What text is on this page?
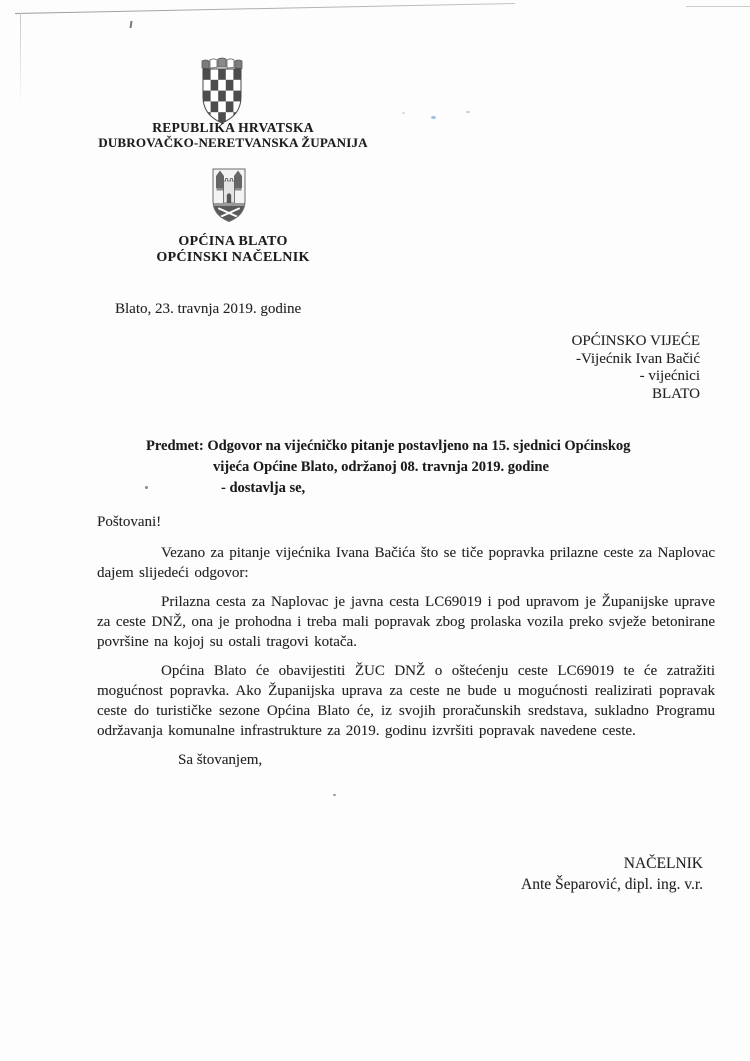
REPUBLIKA HRVATSKA
DUBROVAČKO-NERETVANSKA ŽUPANIJA
OPĆINA BLATO
OPĆINSKI NAČELNIK
Blato, 23. travnja 2019. godine
OPĆINSKO VIJEĆE
-Vijećnik Ivan Bačić
- vijećnici
BLATO
Predmet: Odgovor na vijećničko pitanje postavljeno na 15. sjednici Općinskog
vijeća Općine Blato, održanoj 08. travnja 2019. godine
- dostavlja se,

Poštovani!

Vezano za pitanje vijećnika Ivana Bačića što se tiče popravka prilazne ceste za Naplovac dajem slijedeći odgovor:

Prilazna cesta za Naplovac je javna cesta LC69019 i pod upravom je Županijske uprave za ceste DNŽ, ona je prohodna i treba mali popravak zbog prolaska vozila preko svježe betonirane površine na kojoj su ostali tragovi kotača.

Općina Blato će obavijestiti ŽUC DNŽ o oštećenju ceste LC69019 te će zatražiti mogućnost popravka. Ako Županijska uprava za ceste ne bude u mogućnosti realizirati popravak ceste do turističke sezone Općina Blato će, iz svojih proračunskih sredstava, sukladno Programu održavanja komunalne infrastrukture za 2019. godinu izvršiti popravak navedene ceste.

Sa štovanjem,

NAČELNIK
Ante Šeparović, dipl. ing. v.r.
